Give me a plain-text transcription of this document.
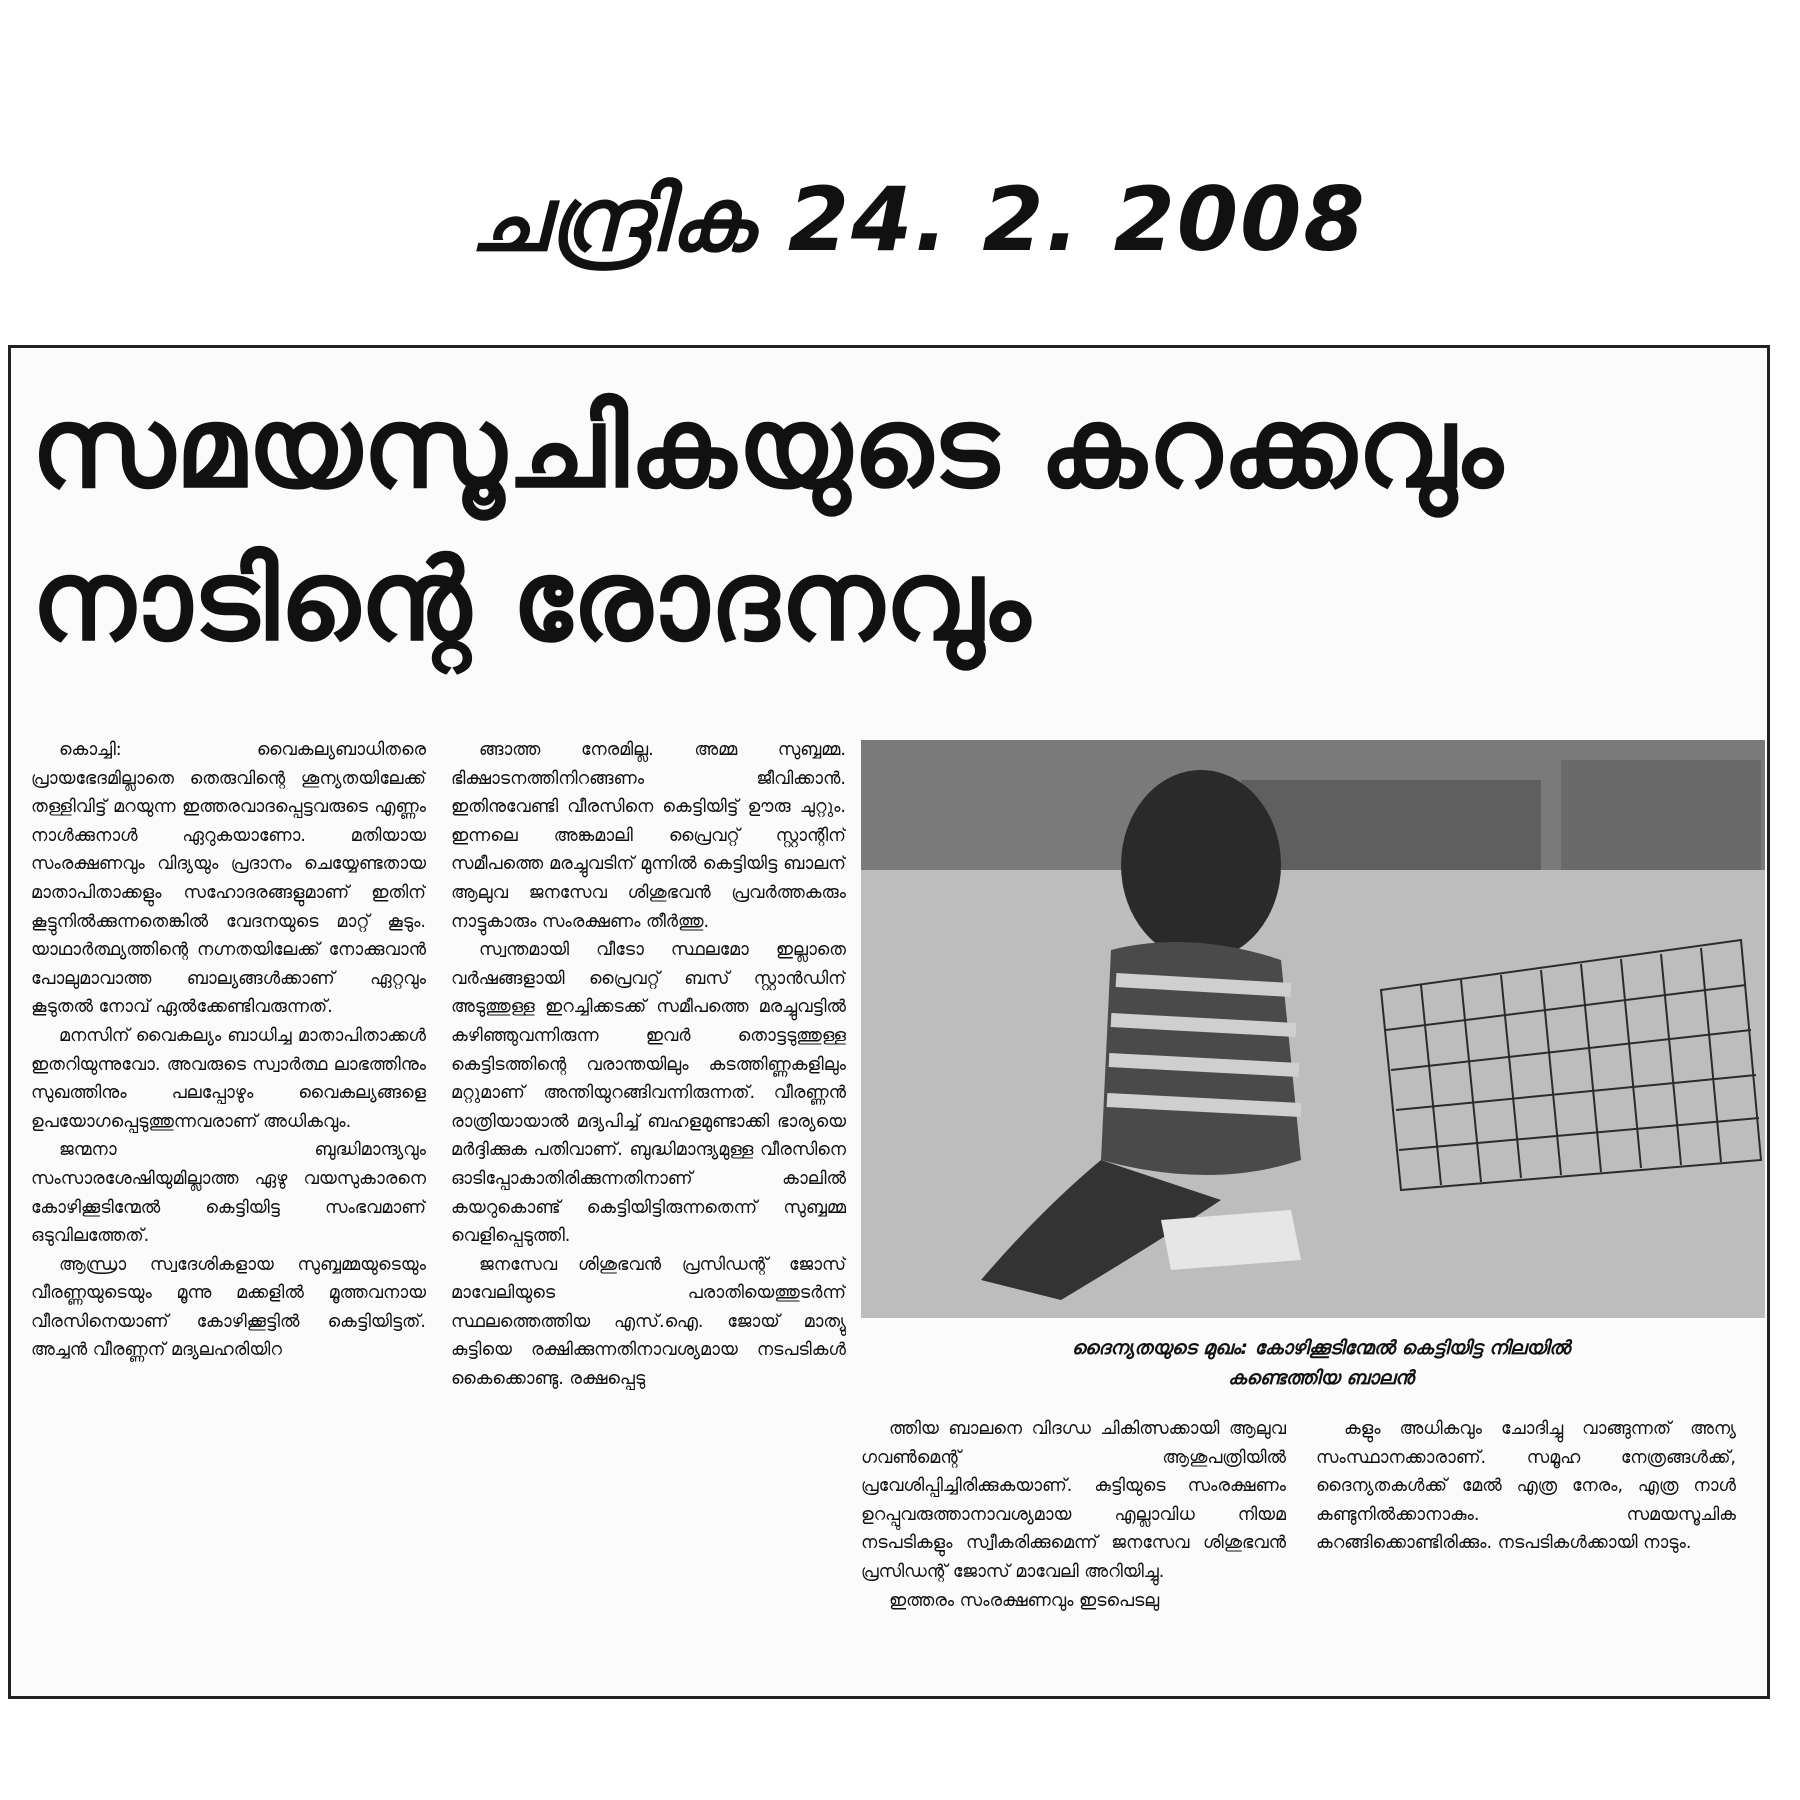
ചന്ദ്രിക 24. 2. 2008
സമയസൂചികയുടെ കറക്കവും
നാടിന്റെ രോദനവും

കൊച്ചി: വൈകല്യബാധിതരെ പ്രായഭേദമില്ലാതെ തെരുവിന്റെ ശൂന്യതയിലേക്ക് തള്ളിവിട്ട് മറയുന്ന ഇത്തരവാദപ്പെട്ടവരുടെ എണ്ണം നാൾക്കുനാൾ ഏറുകയാണോ. മതിയായ സംരക്ഷണവും വിദ്യയും പ്രദാനം ചെയ്യേണ്ടതായ മാതാപിതാക്കളും സഹോദരങ്ങളുമാണ് ഇതിന് കൂട്ടുനിൽക്കുന്നതെങ്കിൽ വേദനയുടെ മാറ്റ് കൂടും. യാഥാർത്ഥ്യത്തിന്റെ നഗ്നതയിലേക്ക് നോക്കുവാൻ പോലുമാവാത്ത ബാല്യങ്ങൾക്കാണ് ഏറ്റവും കൂടുതൽ നോവ് ഏൽക്കേണ്ടിവരുന്നത്.

മനസിന് വൈകല്യം ബാധിച്ച മാതാപിതാക്കൾ ഇതറിയുന്നുവോ. അവരുടെ സ്വാർത്ഥ ലാഭത്തിനും സുഖത്തിനും പലപ്പോഴും വൈകല്യങ്ങളെ ഉപയോഗപ്പെടുത്തുന്നവരാണ് അധികവും.

ജന്മനാ ബുദ്ധിമാന്ദ്യവും സംസാരശേഷിയുമില്ലാത്ത ഏഴു വയസുകാരനെ കോഴിക്കൂടിന്മേൽ കെട്ടിയിട്ട സംഭവമാണ് ഒടുവിലത്തേത്.

ആന്ധ്രാ സ്വദേശികളായ സുബ്ബമ്മയുടെയും വീരണ്ണയുടെയും മൂന്നു മക്കളിൽ മൂത്തവനായ വീരസിനെയാണ് കോഴിക്കൂട്ടിൽ കെട്ടിയിട്ടത്. അച്ചൻ വീരണ്ണന് മദ്യലഹരിയിറ

ങ്ങാത്ത നേരമില്ല. അമ്മ സുബ്ബമ്മ. ഭിക്ഷാടനത്തിനിറങ്ങണം ജീവിക്കാൻ. ഇതിനുവേണ്ടി വീരസിനെ കെട്ടിയിട്ട് ഊരു ചുറ്റും. ഇന്നലെ അങ്കമാലി പ്രൈവറ്റ് സ്റ്റാന്റിന് സമീപത്തെ മരച്ചുവടിന് മുന്നിൽ കെട്ടിയിട്ട ബാലന് ആലുവ ജനസേവ ശിശുഭവൻ പ്രവർത്തകരും നാട്ടുകാരും സംരക്ഷണം തീർത്തു.

സ്വന്തമായി വീടോ സ്ഥലമോ ഇല്ലാതെ വർഷങ്ങളായി പ്രൈവറ്റ് ബസ് സ്റ്റാൻഡിന് അടുത്തുള്ള ഇറച്ചിക്കടക്ക് സമീപത്തെ മരച്ചുവട്ടിൽ കഴിഞ്ഞുവന്നിരുന്ന ഇവർ തൊട്ടടുത്തുള്ള കെട്ടിടത്തിന്റെ വരാന്തയിലും കടത്തിണ്ണകളിലും മറ്റുമാണ് അന്തിയുറങ്ങിവന്നിരുന്നത്. വീരണ്ണൻ രാത്രിയായാൽ മദ്യപിച്ച് ബഹളമുണ്ടാക്കി ഭാര്യയെ മർദ്ദിക്കുക പതിവാണ്. ബുദ്ധിമാന്ദ്യമുള്ള വീരസിനെ ഓടിപ്പോകാതിരിക്കുന്നതിനാണ് കാലിൽ കയറുകൊണ്ട് കെട്ടിയിട്ടിരുന്നതെന്ന് സുബ്ബമ്മ വെളിപ്പെടുത്തി.

ജനസേവ ശിശുഭവൻ പ്രസിഡന്റ് ജോസ് മാവേലിയുടെ പരാതിയെത്തുടർന്ന് സ്ഥലത്തെത്തിയ എസ്.ഐ. ജോയ് മാത്യു കുട്ടിയെ രക്ഷിക്കുന്നതിനാവശ്യമായ നടപടികൾ കൈക്കൊണ്ടു. രക്ഷപ്പെടു

ദൈന്യതയുടെ മുഖം: കോഴിക്കൂടിന്മേൽ കെട്ടിയിട്ട നിലയിൽ
കണ്ടെത്തിയ ബാലൻ

ത്തിയ ബാലനെ വിദഗ്ധ ചികിത്സക്കായി ആലുവ ഗവൺമെന്റ് ആശുപത്രിയിൽ പ്രവേശിപ്പിച്ചിരിക്കുകയാണ്. കുട്ടിയുടെ സംരക്ഷണം ഉറപ്പുവരുത്താനാവശ്യമായ എല്ലാവിധ നിയമ നടപടികളും സ്വീകരിക്കുമെന്ന് ജനസേവ ശിശുഭവൻ പ്രസിഡന്റ് ജോസ് മാവേലി അറിയിച്ചു.

ഇത്തരം സംരക്ഷണവും ഇടപെടലു

കളും അധികവും ചോദിച്ചു വാങ്ങുന്നത് അന്യ സംസ്ഥാനക്കാരാണ്. സമൂഹ നേത്രങ്ങൾക്ക്, ദൈന്യതകൾക്ക് മേൽ എത്ര നേരം, എത്ര നാൾ കണ്ടുനിൽക്കാനാകും. സമയസൂചിക കറങ്ങിക്കൊണ്ടിരിക്കും. നടപടികൾക്കായി നാടും.
